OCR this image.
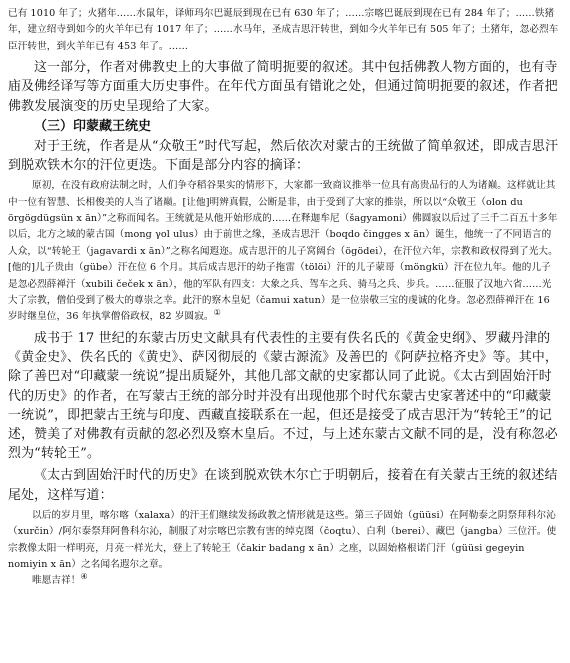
已有 1010 年了；火猪年……水鼠年，译师玛尔巴诞辰到现在已有 630 年了；……宗喀巴诞辰到现在已有 284 年了；……铁猪年，建立绍寺到如今的火羊年已有 1017 年了；……水马年，圣成吉思汗转世，到如今火羊年已有 505 年了；土猪年，忽必烈车臣汗转世，到火羊年已有 453 年了。……

这一部分，作者对佛教史上的大事做了简明扼要的叙述。其中包括佛教人物方面的，也有寺庙及佛经译写等方面重大历史事件。在年代方面虽有错讹之处，但通过简明扼要的叙述，作者把佛教发展演变的历史呈现给了大家。

（三）印蒙藏王统史

对于王统，作者是从“众敬王”时代写起，然后依次对蒙古的王统做了简单叙述，即成吉思汗到脱欢铁木尔的汗位更迭。下面是部分内容的摘译：

原初，在没有政府法制之时，人们争夺稻谷果实的情形下，大家都一致商议推举一位具有高贵品行的人为诸巅。这样就让其中一位有智慧、长相俊美的人当了诸巅。[让他]明辨真假，公断是非，由于受到了大家的推崇，所以以“众敬王（olon du örgögdügsün x ān）”之称而闻名。王统就是从他开始形成的……在释迦牟尼（šagyamoni）佛圆寂以后过了三千二百五十多年以后，北方之域的蒙古国（mong γol ulus）由于前世之缘，圣成吉思汗（boqdo čingges x ān）诞生，他统一了不同语言的人众，以“转轮王（jagavardi x ān）”之称名闻遐迩。成吉思汗的儿子窝阔台（ögödei），在汗位六年，宗教和政权得到了光大。[他的]儿子贵由（gübe）汗在位 6 个月。其后成吉思汗的幼子拖雷（tölöi）汗的儿子蒙哥（möngkü）汗在位九年。他的儿子是忽必烈薛禅汗（xubili čeček x ān），他的军队有四支：大象之兵、驾车之兵、骑马之兵、步兵。……征服了汉地六省……光大了宗教，僧伯受到了极大的尊崇之幸。此汗的察木皇妃（čamui xatun）是一位崇敬三宝的虔诚的化身。忽必烈薛禅汗在 16 岁时继皇位，36 年执掌僧俗政权，82 岁圆寂。①

成书于 17 世纪的东蒙古历史文献具有代表性的主要有佚名氏的《黄金史纲》、罗藏丹津的《黄金史》、佚名氏的《黄史》、萨冈彻辰的《蒙古源流》及善巴的《阿萨拉格齐史》等。其中，除了善巴对“印藏蒙一统说”提出质疑外，其他几部文献的史家都认同了此说。《太古到固始汗时代的历史》的作者，在写蒙古王统的部分时并没有出现他那个时代东蒙古史家著述中的“印藏蒙一统说”，即把蒙古王统与印度、西藏直接联系在一起，但还是接受了成吉思汗为“转轮王”的记述，赞美了对佛教有贡献的忽必烈及察木皇后。不过，与上述东蒙古文献不同的是，没有称忽必烈为“转轮王”。

《太古到固始汗时代的历史》在谈到脱欢铁木尔亡于明朝后，接着在有关蒙古王统的叙述结尾处，这样写道：

以后的岁月里，喀尔喀（xalaxa）的汗王们继续发扬政教之情形就是这些。第三子固始（güüsi）在阿勒泰之阴祭拜科尔沁（xurčin）/阿尔泰祭拜阿鲁科尔沁，制服了对宗喀巴宗教有害的绰克图（čoqtu）、白利（berei）、藏巴（jangba）三位汗。使宗教像太阳一样明亮，月亮一样光大，登上了转轮王（čakir badang x ān）之座，以固始格根诺门汗（güüsi gegeyin nomiyin x ān）之名闻名遐尔之章。

唯愿吉祥！④
